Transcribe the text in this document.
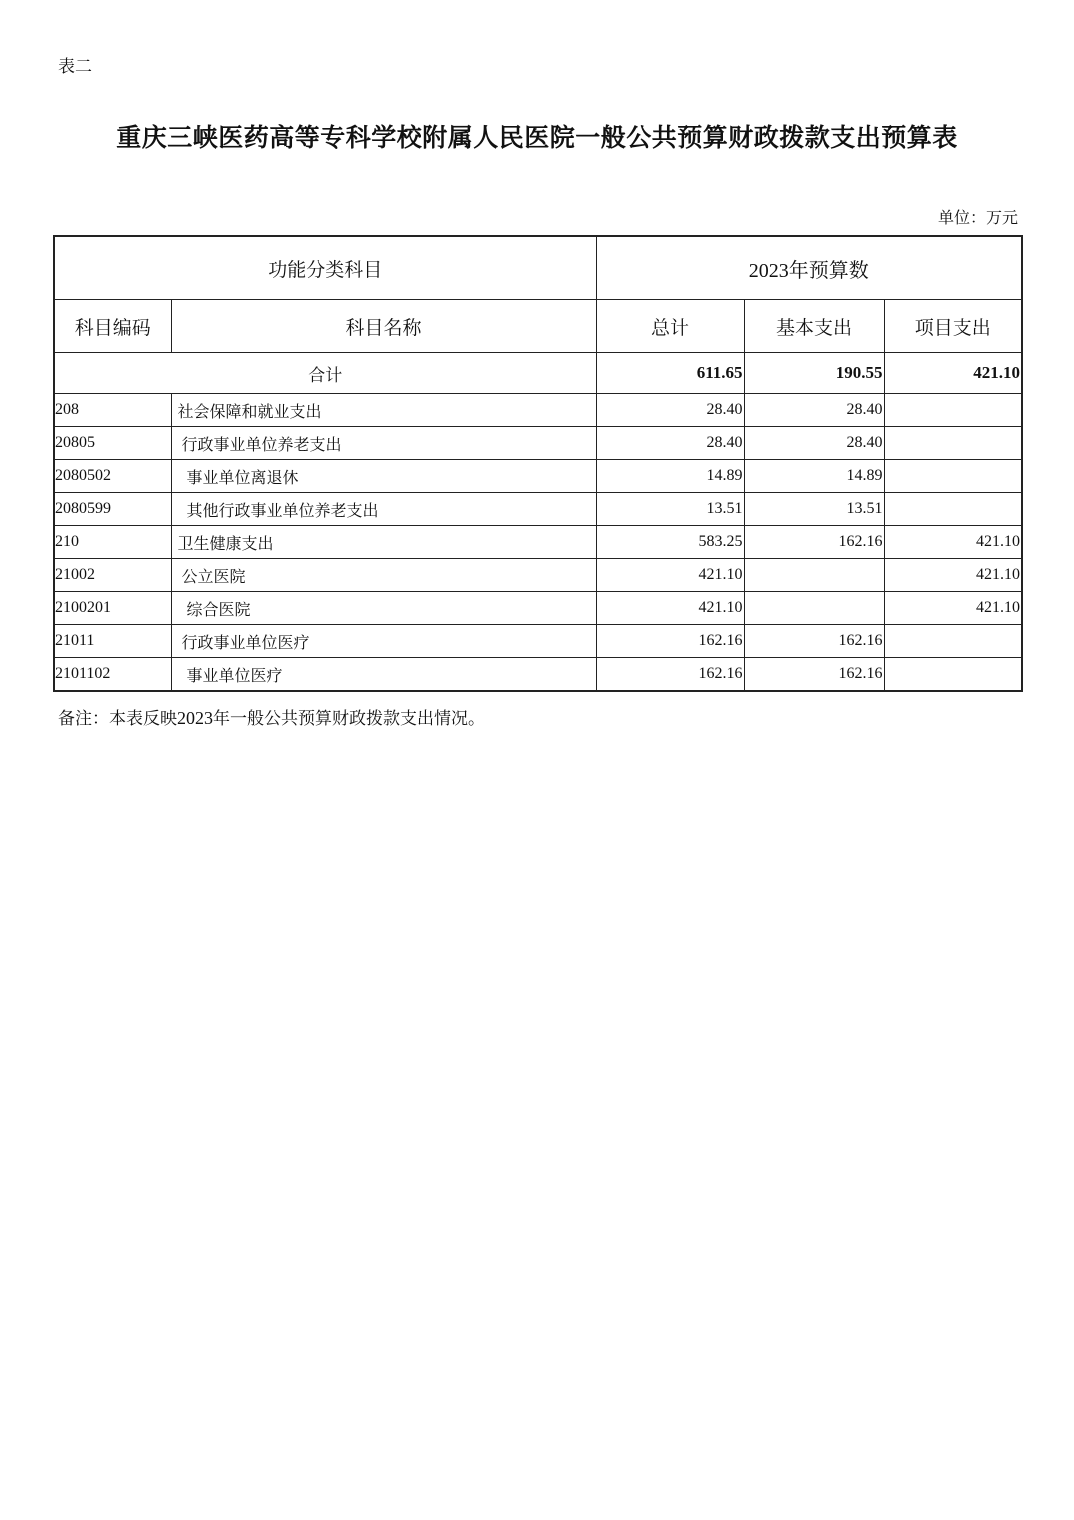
表二
重庆三峡医药高等专科学校附属人民医院一般公共预算财政拨款支出预算表
单位：万元
功能分类科目		2023年预算数		
科目编码	科目名称	总计	基本支出	项目支出
合计		611.65	190.55	421.10
208	社会保障和就业支出	28.40	28.40	
20805	行政事业单位养老支出	28.40	28.40	
2080502	事业单位离退休	14.89	14.89	
2080599	其他行政事业单位养老支出	13.51	13.51	
210	卫生健康支出	583.25	162.16	421.10
21002	公立医院	421.10		421.10
2100201	综合医院	421.10		421.10
21011	行政事业单位医疗	162.16	162.16	
2101102	事业单位医疗	162.16	162.16	
备注：本表反映2023年一般公共预算财政拨款支出情况。
